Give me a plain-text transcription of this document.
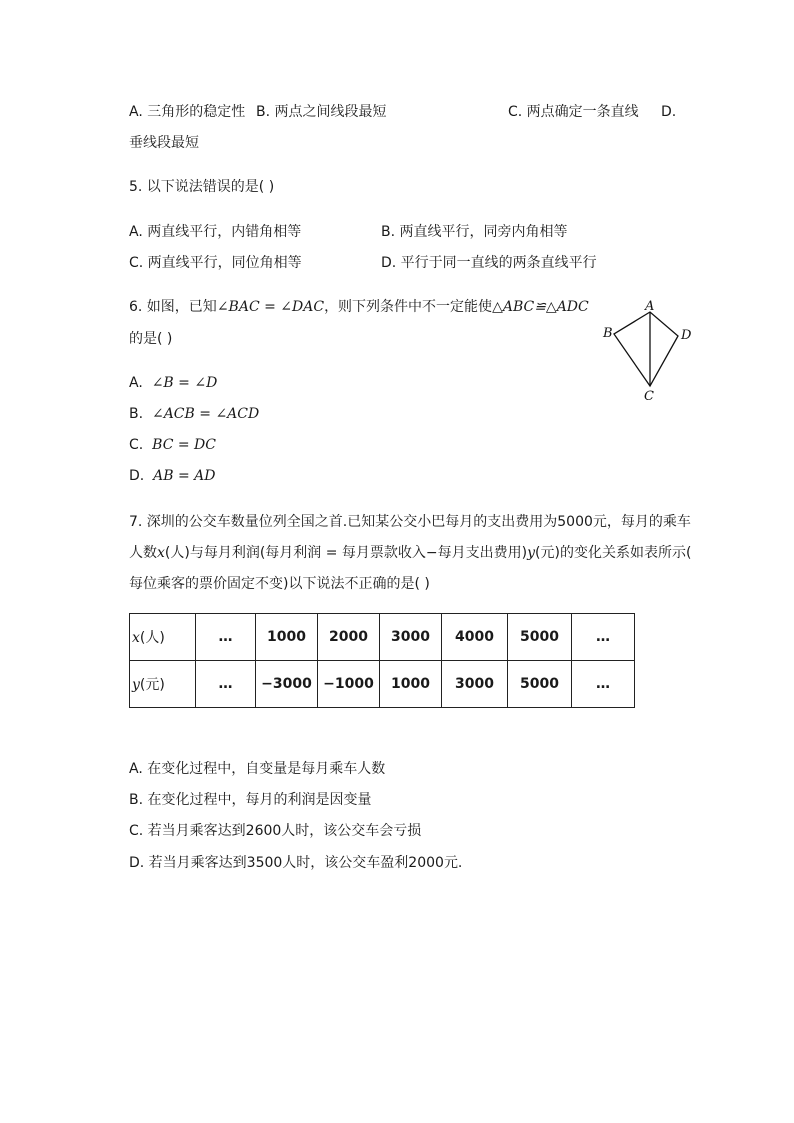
A. 三角形的稳定性 B. 两点之间线段最短	C. 两点确定一条直线 D.
垂线段最短
5. 以下说法错误的是( )
A. 两直线平行，内错角相等	B. 两直线平行，同旁内角相等
C. 两直线平行，同位角相等	D. 平行于同一直线的两条直线平行
6. 如图，已知∠BAC = ∠DAC，则下列条件中不一定能使△ABC≌△ADC
的是( )
A
B
C
D
A. ∠B = ∠D
B. ∠ACB = ∠ACD
C. BC = DC
D. AB = AD
7. 深圳的公交车数量位列全国之首.已知某公交小巴每月的支出费用为5000元，每月的乘车
人数x(人)与每月利润(每月利润 = 每月票款收入−每月支出费用)y(元)的变化关系如表所示(
每位乘客的票价固定不变)以下说法不正确的是( )
x(人)	…	1000	2000	3000	4000	5000	…
y(元)	…	−3000	−1000	1000	3000	5000	…
A. 在变化过程中，自变量是每月乘车人数
B. 在变化过程中，每月的利润是因变量
C. 若当月乘客达到2600人时，该公交车会亏损
D. 若当月乘客达到3500人时，该公交车盈利2000元.
